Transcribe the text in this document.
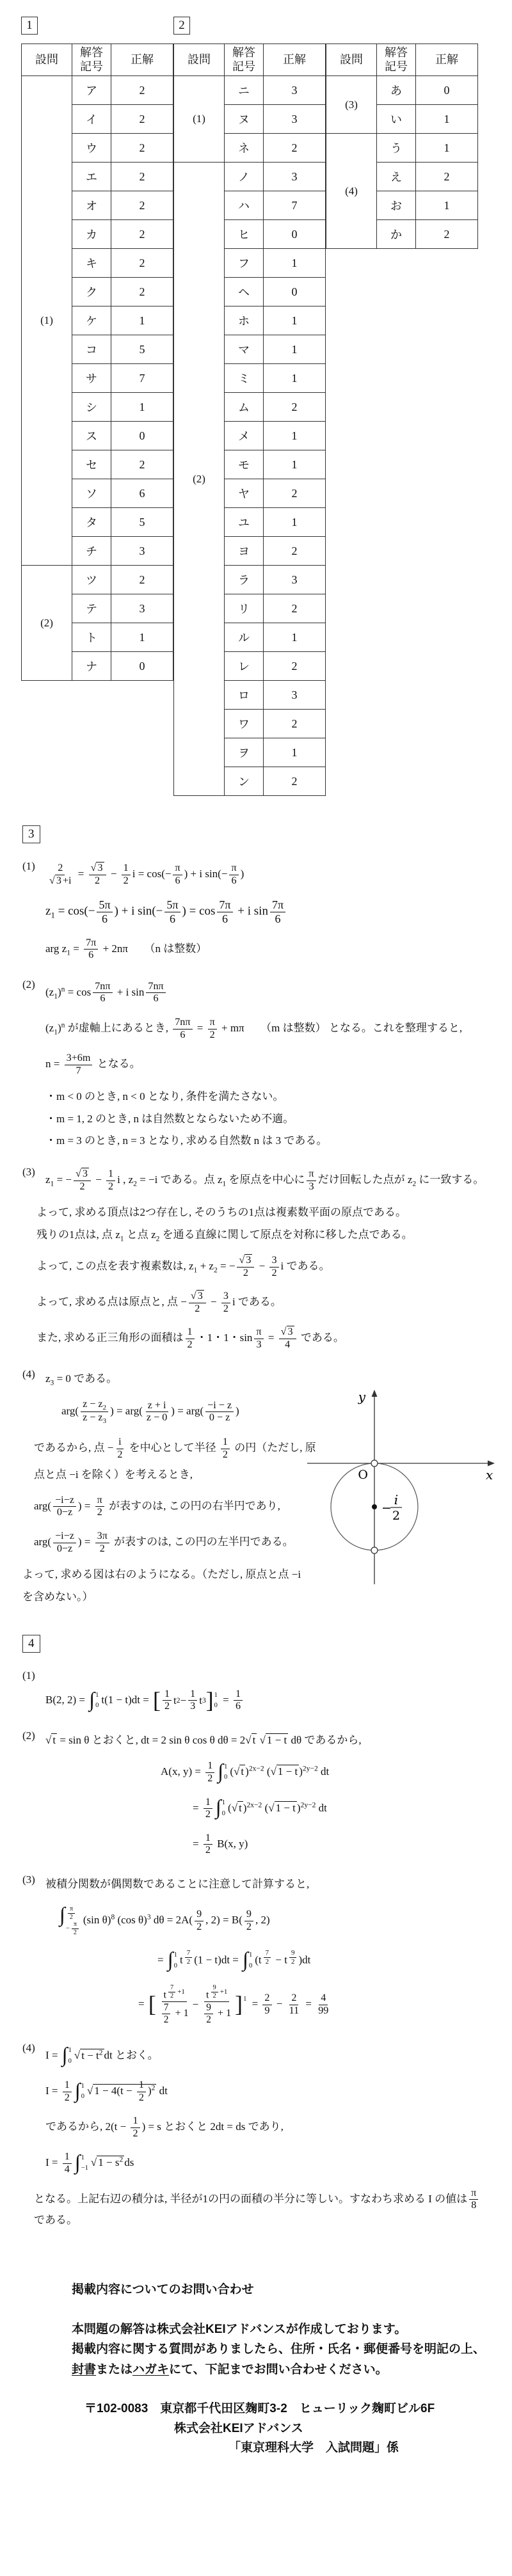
1
設問	解答記号	正解
(1)	ア	2
	イ	2
	ウ	2
	エ	2
	オ	2
	カ	2
	キ	2
	ク	2
	ケ	1
	コ	5
	サ	7
	シ	1
	ス	0
	セ	2
	ソ	6
	タ	5
	チ	3
(2)	ツ	2
	テ	3
	ト	1
	ナ	0
2
設問	解答記号	正解
(1)	ニ	3
	ヌ	3
	ネ	2
(2)	ノ	3
	ハ	7
	ヒ	0
	フ	1
	ヘ	0
	ホ	1
	マ	1
	ミ	1
	ム	2
	メ	1
	モ	1
	ヤ	2
	ユ	1
	ヨ	2
	ラ	3
	リ	2
	ル	1
	レ	2
	ロ	3
	ワ	2
	ヲ	1
	ン	2
設問	解答記号	正解
(3)	あ	0
	い	1
(4)	う	1
	え	2
	お	1
	か	2
3
(1)	$\frac{2}{√ 3 +i} = \frac{√ 3}{2} - \frac{1}{2}$ $i = \cos(- \frac{\pi}{6}$ ) + i $\sin(- \frac{\pi}{6}$ )
$z_1 = \cos(- \frac{5\pi}{6}$ ) + i $\sin(- \frac{5\pi}{6}$ ) = $\cos \frac{7\pi}{6} + i$ $\sin \frac{7\pi}{6}$
arg $z_1 = \frac{7\pi}{6} + 2n\pi$　　（n は整数）
(2)
$(z_1)^n = \cos \frac{7n\pi}{6} + i$ $\sin \frac{7n\pi}{6}$
$(z_1)^n$ が虚軸上にあるとき, $\frac{7n\pi}{6} = \frac{\pi}{2} + m\pi$　　（m は整数） となる。これを整理すると,
$n = \frac{3+6m}{7}$ となる。
・m < 0 のとき, n < 0 となり, 条件を満たさない。
・m = 1, 2 のとき, n は自然数とならないため不適。
・m = 3 のとき, n = 3 となり, 求める自然数 n は 3 である。
(3)
$z_1$ = − $\frac{√ 3}{2} - \frac{1}{2}$ i , $z_2 = -i$ である。点 $z_1$ を原点を中心に $\frac{\pi}{3}$ だけ回転した点が $z_2$ に一致する。
よって, 求める頂点は2つ存在し, そのうちの1点は複素数平面の原点である。
残りの1点は, 点 $z_1$ と点 $z_2$ を通る直線に関して原点を対称に移した点である。
よって, この点を表す複素数は, $z_1 + z_2$ = − $\frac{√ 3}{2} - \frac{3}{2}$ i である。
よって, 求める点は原点と, 点 − $\frac{√ 3}{2} - \frac{3}{2}$ i である。
また, 求める正三角形の面積は $\frac{1}{2}$ ・1・1・$\sin \frac{\pi}{3} = \frac{√ 3}{4}$ である。
(4) $z_3 = 0$ である。
$arg( \frac{z - z_2}{z - z_3}$ ) = $arg( \frac{z + i}{z - 0}$ ) = $arg( \frac{-i - z}{0 - z}$ )
であるから, 点 − $\frac{i}{2}$ を中心として半径 $\frac{1}{2}$ の円（ただし, 原
点と点 −i を除く）を考えるとき,
$arg( \frac{-i-z}{0-z}$ ) = $\frac{\pi}{2}$ が表すのは, この円の右半円であり,
$arg( \frac{-i-z}{0-z}$ ) = $\frac{3\pi}{2}$ が表すのは, この円の左半円である。
よって, 求める図は右のようになる。（ただし, 原点と点 −i
を含めない。）
y
x
O
−
i
2
4
(1)
B(2, 2) = ∫ 1
0 t(1 − t)dt = [ 1
2
t 2 −
1
3
t 3 ] 1
$0 = \frac{1}{6}$
(2) √ t = sin θ とおくと, dt = 2 sin θ cos θ dθ = 2√ t √ 1 − t dθ であるから,
A(x, $y) = \frac{1}{2}$ ∫ 1
0 (√ t )$^{2x-2}$ (√ 1 − t )$^{2y-2}$ dt
= $\frac{1}{2}$ ∫ 1
0 (√ t )$^{2x-2}$ (√ 1 − t )$^{2y-2}$ dt
= $\frac{1}{2} B(x$, y)
(3) 被積分関数が偶関数であることに注意して計算すると,
∫ $\frac{\pi}{2}$
− $\frac{\pi}{2}$
(sin θ)$^8$ (cos θ)$^3$ $d\theta = 2A( \frac{9}{2}$ , $2) = B( \frac{9}{2}$ , 2)
= ∫ 1
0 t $^{\frac{7}{2}}$ (1 − t)dt = ∫ 1
0 (t $^{\frac{7}{2}}$ − t $^{\frac{9}{2}}$ )dt
= [ t $^{\frac{7}{2} +1}$
$\frac{7}{2} + 1$
−
t $^{\frac{9}{2} +1}$
$\frac{9}{2} + 1$ ] $1 = \frac{2}{9} - \frac{2}{11} = \frac{4}{99}$
(4)
I = ∫ 1
0 √ $t - t^2$ dt とおく。
$I = \frac{1}{2}$ ∫ 1
0 √ $1 - 4(t - \frac{1}{2} )^2$ dt
であるから, $2(t - \frac{1}{2}$ ) = s とおくと 2dt = ds であり,
$I = \frac{1}{4}$ ∫ 1
−1 √ $1 - s^2$ ds
となる。上記右辺の積分は, 半径が1の円の面積の半分に等しい。すなわち求める I の値は $\frac{\pi}{8}$
である。
掲載内容についてのお問い合わせ
本問題の解答は株式会社KEIアドバンスが作成しております。
掲載内容に関する質問がありましたら、住所・氏名・郵便番号を明記の上、
封書またはハガキにて、下記までお問い合わせください。
〒102-0083　東京都千代田区麹町3-2　ヒューリック麹町ビル6F
株式会社KEIアドバンス
「東京理科大学　入試問題」係
